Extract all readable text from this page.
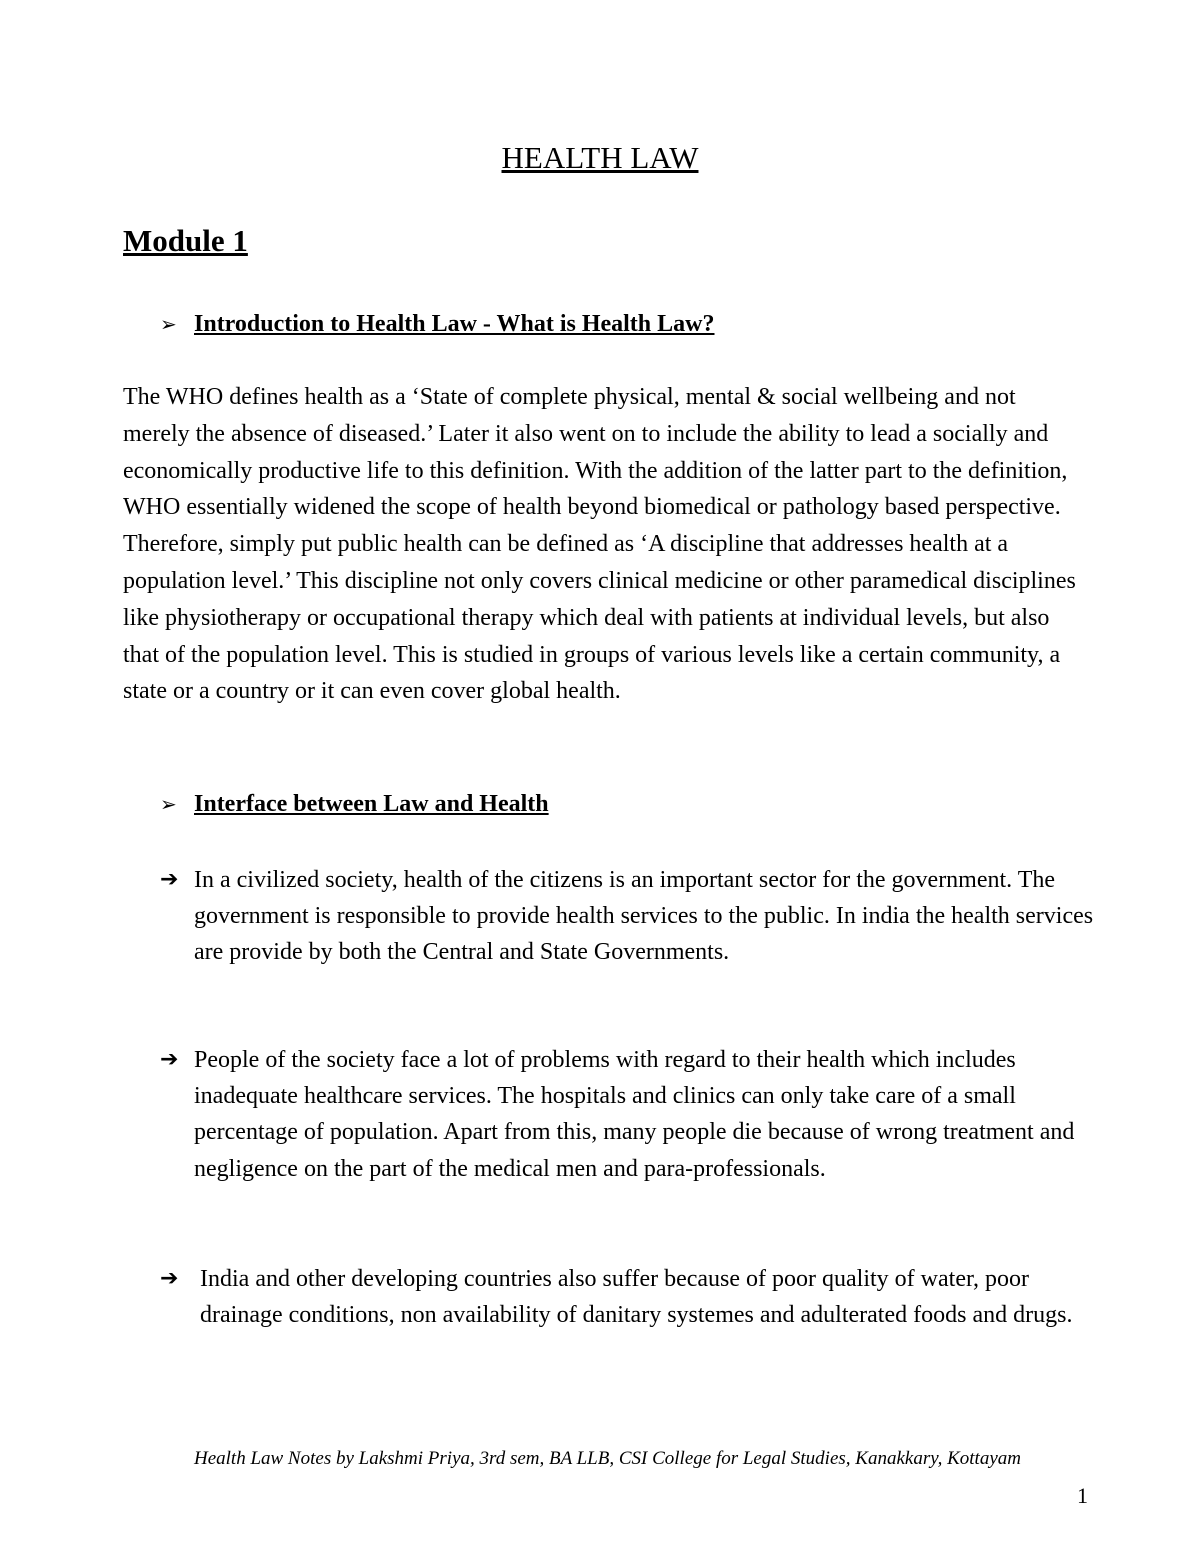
HEALTH LAW
Module 1
➢ Introduction to Health Law - What is Health Law?
The WHO defines health as a ‘State of complete physical, mental & social wellbeing and not merely the absence of diseased.’ Later it also went on to include the ability to lead a socially and economically productive life to this definition. With the addition of the latter part to the definition, WHO essentially widened the scope of health beyond biomedical or pathology based perspective. Therefore, simply put public health can be defined as ‘A discipline that addresses health at a population level.’ This discipline not only covers clinical medicine or other paramedical disciplines like physiotherapy or occupational therapy which deal with patients at individual levels, but also that of the population level. This is studied in groups of various levels like a certain community, a state or a country or it can even cover global health.
➢ Interface between Law and Health
➔ In a civilized society, health of the citizens is an important sector for the government. The government is responsible to provide health services to the public. In india the health services are provide by both the Central and State Governments.
➔ People of the society face a lot of problems with regard to their health which includes inadequate healthcare services. The hospitals and clinics can only take care of a small percentage of population. Apart from this, many people die because of wrong treatment and negligence on the part of the medical men and para-professionals.
➔ India and other developing countries also suffer because of poor quality of water, poor drainage conditions, non availability of danitary systemes and adulterated foods and drugs.
Health Law Notes by Lakshmi Priya, 3rd sem, BA LLB, CSI College for Legal Studies, Kanakkary, Kottayam
1
